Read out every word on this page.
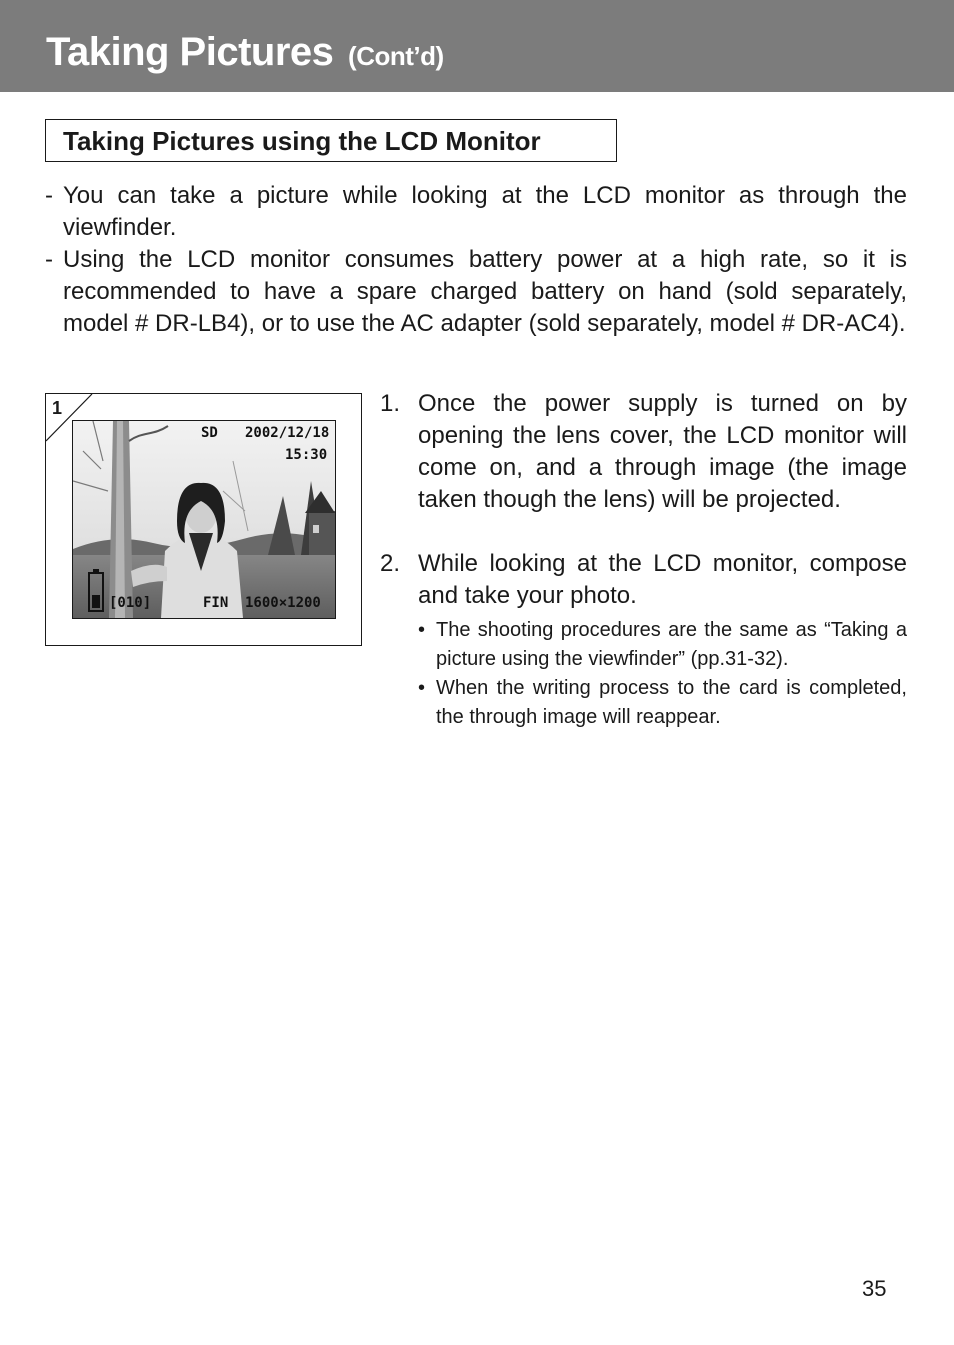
Taking Pictures (Cont’d)
Taking Pictures using the LCD Monitor
- You can take a picture while looking at the LCD monitor as through the viewfinder.
- Using the LCD monitor consumes battery power at a high rate, so it is recommended to have a spare charged battery on hand (sold separately, model # DR-LB4), or to use the AC adapter (sold separately, model # DR-AC4).
1
SD 2002/12/18
15:30
[010]	FIN 1600×1200
1. Once the power supply is turned on by opening the lens cover, the LCD monitor will come on, and a through image (the image taken though the lens) will be projected.

2. While looking at the LCD monitor, compose and take your photo.

• The shooting procedures are the same as “Taking a picture using the viewfinder” (pp.31-32).
• When the writing process to the card is completed, the through image will reappear.
35
